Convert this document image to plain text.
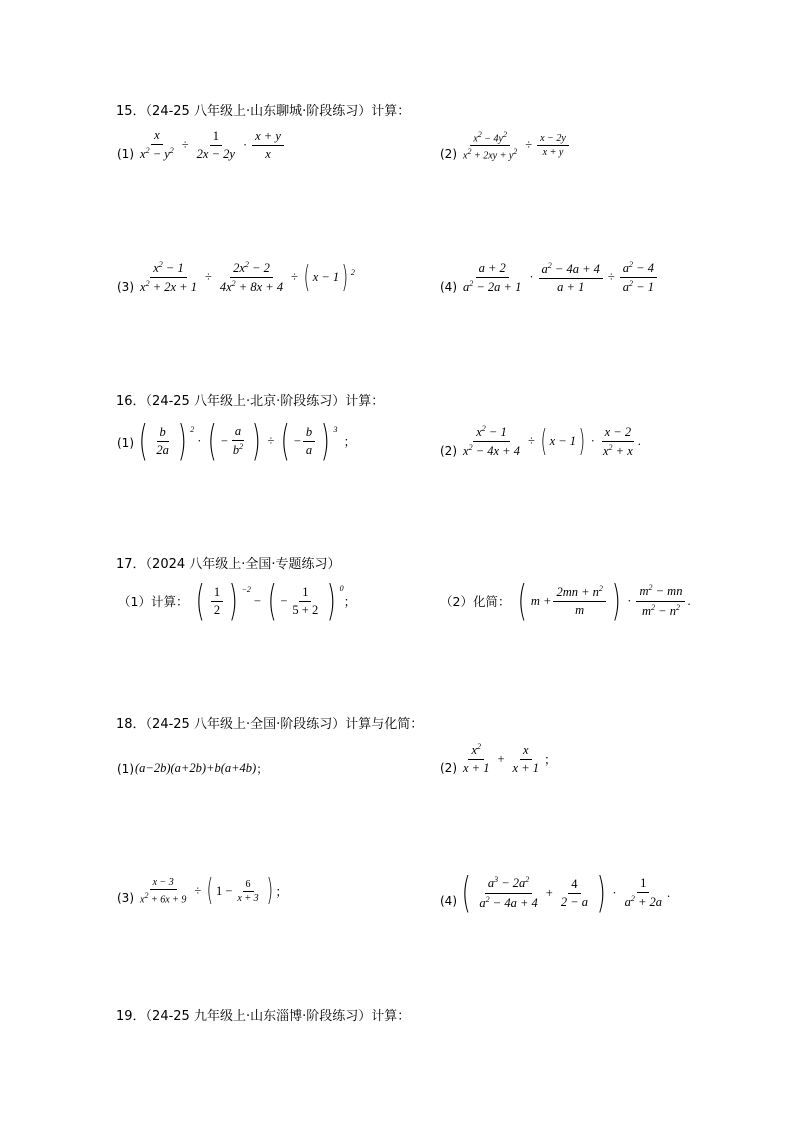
15．（24-25 八年级上·山东聊城·阶段练习）计算：
$(1) \frac{x}{x^2 - y^2} \div \frac{1}{2x - 2y} \cdot \frac{x + y}{x}$	$(2) \frac{x^2 - 4y^2}{x^2 + 2xy + y^2} \div \frac{x - 2y}{x + y}$
$(3) \frac{x^2 - 1}{x^2 + 2x + 1} \div \frac{2x^2 - 2}{4x^2 + 8x + 4}$ ÷ ( x − 1 ) 2
$(4) \frac{a + 2}{a^2 - 2a + 1} \cdot \frac{a^2 - 4a + 4}{a + 1} \div \frac{a^2 - 4}{a^2 - 1}$
16．（24-25 八年级上·北京·阶段练习）计算：
(1) ( $\frac{b}{2a}$ ) 2
· ( − $\frac{a}{b^2}$ ) ÷ ( − $\frac{b}{a}$ ) 3
；
$(2) \frac{x^2 - 1}{x^2 - 4x + 4}$ ÷ ( x − 1 ) · $\frac{x - 2}{x^2 + x}$ .
17．（2024 八年级上·全国·专题练习）
（1）计算： ( $\frac{1}{2}$ ) −2
− ( − $\frac{1}{5 + 2}$ ) 0
；	（2）化简： ( $m + \frac{2mn + n^2}{m}$ ) · $\frac{m^2 - mn}{m^2 - n^2}$ .
18．（24-25 八年级上·全国·阶段练习）计算与化简：
(1) (a−2b)(a+2b)+b(a+4b) ；	$(2) \frac{x^2}{x + 1} + \frac{x}{x + 1}$ ；
$(3) \frac{x - 3}{x^2 + 6x + 9}$ ÷ ( $1 - \frac{6}{x + 3}$ ) ；
(4) ( $\frac{a^3 - 2a^2}{a^2 - 4a + 4} + \frac{4}{2 - a}$ ) · $\frac{1}{a^2 + 2a}$ .
19．（24-25 九年级上·山东淄博·阶段练习）计算：
